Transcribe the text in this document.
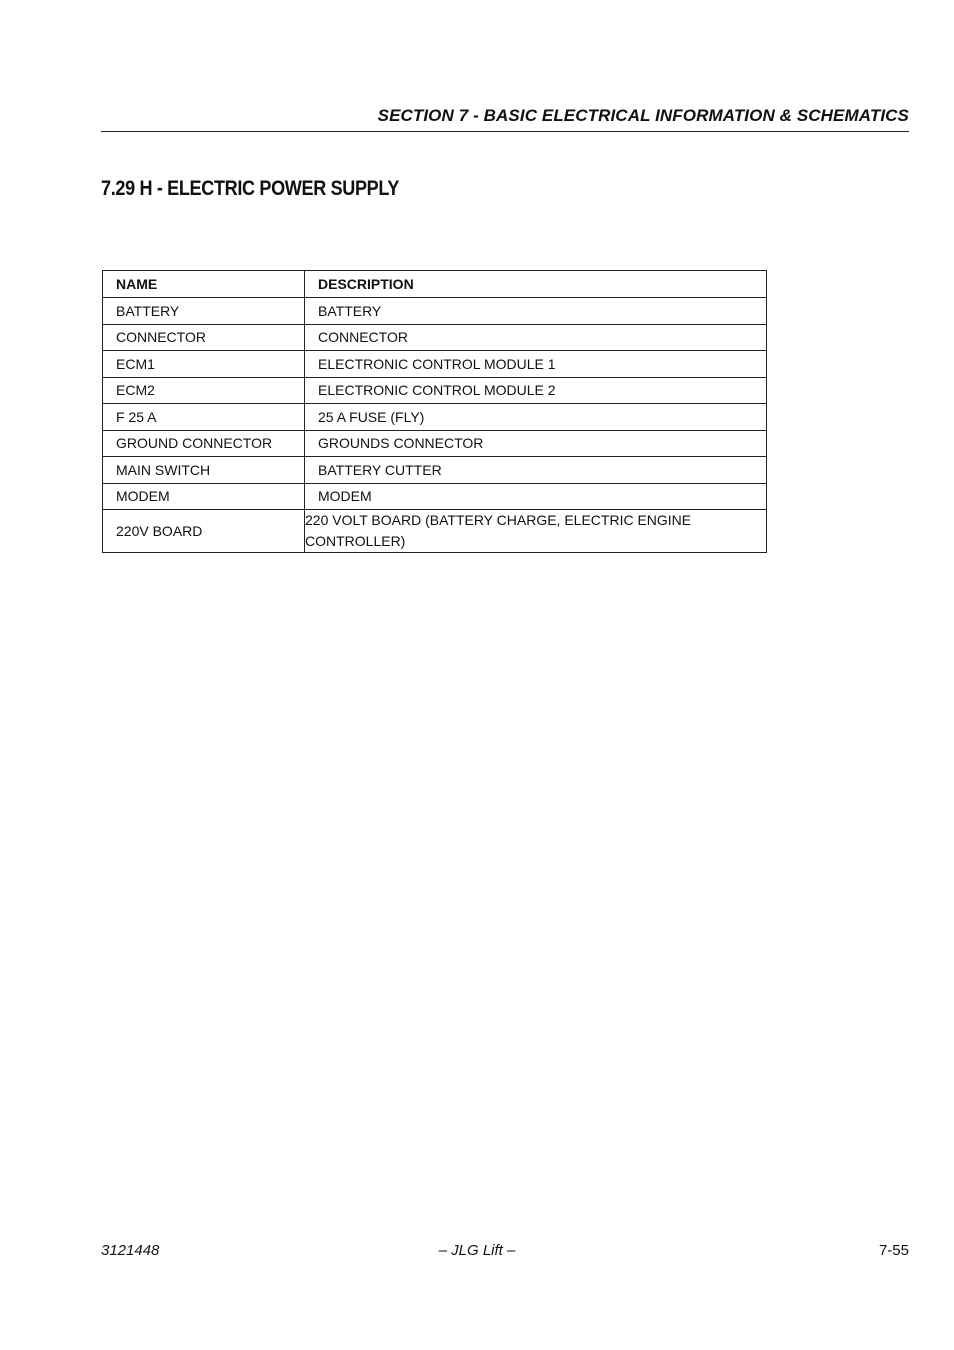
SECTION 7 - BASIC ELECTRICAL INFORMATION & SCHEMATICS
7.29 H - ELECTRIC POWER SUPPLY
NAME	DESCRIPTION
BATTERY	BATTERY
CONNECTOR	CONNECTOR
ECM1	ELECTRONIC CONTROL MODULE 1
ECM2	ELECTRONIC CONTROL MODULE 2
F 25 A	25 A FUSE (FLY)
GROUND CONNECTOR	GROUNDS CONNECTOR
MAIN SWITCH	BATTERY CUTTER
MODEM	MODEM
220V BOARD	220 VOLT BOARD (BATTERY CHARGE, ELECTRIC ENGINE CONTROLLER)
3121448	– JLG Lift –	7-55
